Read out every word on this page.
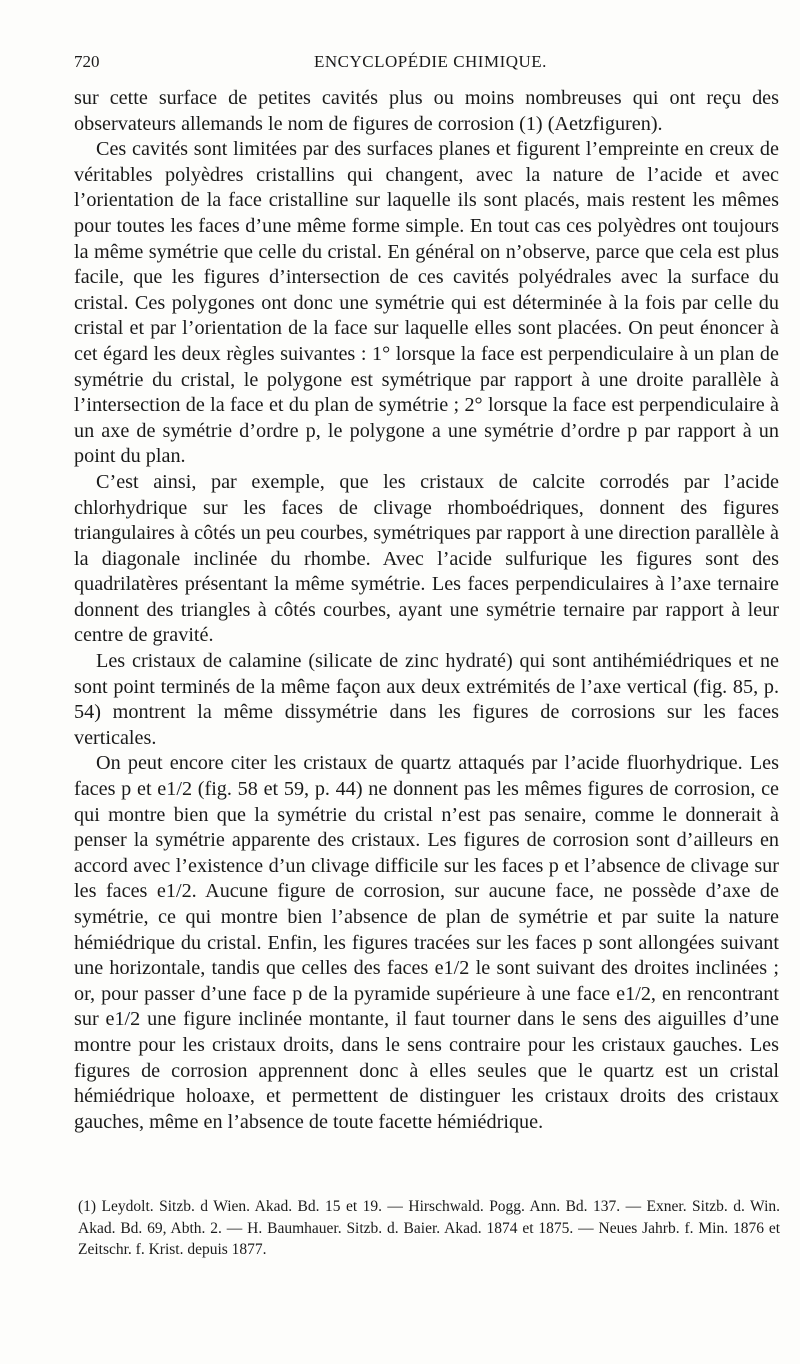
720	ENCYCLOPÉDIE CHIMIQUE.

sur cette surface de petites cavités plus ou moins nombreuses qui ont reçu des observateurs allemands le nom de figures de corrosion (1) (Aetzfiguren).

Ces cavités sont limitées par des surfaces planes et figurent l’empreinte en creux de véritables polyèdres cristallins qui changent, avec la nature de l’acide et avec l’orientation de la face cristalline sur laquelle ils sont placés, mais restent les mêmes pour toutes les faces d’une même forme simple. En tout cas ces polyèdres ont toujours la même symétrie que celle du cristal. En général on n’observe, parce que cela est plus facile, que les figures d’intersection de ces cavités polyédrales avec la surface du cristal. Ces polygones ont donc une symétrie qui est déterminée à la fois par celle du cristal et par l’orientation de la face sur laquelle elles sont placées. On peut énoncer à cet égard les deux règles suivantes : 1° lorsque la face est perpendiculaire à un plan de symétrie du cristal, le polygone est symétrique par rapport à une droite parallèle à l’intersection de la face et du plan de symétrie ; 2° lorsque la face est perpendiculaire à un axe de symétrie d’ordre p, le polygone a une symétrie d’ordre p par rapport à un point du plan.

C’est ainsi, par exemple, que les cristaux de calcite corrodés par l’acide chlorhydrique sur les faces de clivage rhomboédriques, donnent des figures triangulaires à côtés un peu courbes, symétriques par rapport à une direction parallèle à la diagonale inclinée du rhombe. Avec l’acide sulfurique les figures sont des quadrilatères présentant la même symétrie. Les faces perpendiculaires à l’axe ternaire donnent des triangles à côtés courbes, ayant une symétrie ternaire par rapport à leur centre de gravité.

Les cristaux de calamine (silicate de zinc hydraté) qui sont antihémiédriques et ne sont point terminés de la même façon aux deux extrémités de l’axe vertical (fig. 85, p. 54) montrent la même dissymétrie dans les figures de corrosions sur les faces verticales.

On peut encore citer les cristaux de quartz attaqués par l’acide fluorhydrique. Les faces p et e1/2 (fig. 58 et 59, p. 44) ne donnent pas les mêmes figures de corrosion, ce qui montre bien que la symétrie du cristal n’est pas senaire, comme le donnerait à penser la symétrie apparente des cristaux. Les figures de corrosion sont d’ailleurs en accord avec l’existence d’un clivage difficile sur les faces p et l’absence de clivage sur les faces e1/2. Aucune figure de corrosion, sur aucune face, ne possède d’axe de symétrie, ce qui montre bien l’absence de plan de symétrie et par suite la nature hémiédrique du cristal. Enfin, les figures tracées sur les faces p sont allongées suivant une horizontale, tandis que celles des faces e1/2 le sont suivant des droites inclinées ; or, pour passer d’une face p de la pyramide supérieure à une face e1/2, en rencontrant sur e1/2 une figure inclinée montante, il faut tourner dans le sens des aiguilles d’une montre pour les cristaux droits, dans le sens contraire pour les cristaux gauches. Les figures de corrosion apprennent donc à elles seules que le quartz est un cristal hémiédrique holoaxe, et permettent de distinguer les cristaux droits des cristaux gauches, même en l’absence de toute facette hémiédrique.

(1) Leydolt. Sitzb. d Wien. Akad. Bd. 15 et 19. — Hirschwald. Pogg. Ann. Bd. 137. — Exner. Sitzb. d. Win. Akad. Bd. 69, Abth. 2. — H. Baumhauer. Sitzb. d. Baier. Akad. 1874 et 1875. — Neues Jahrb. f. Min. 1876 et Zeitschr. f. Krist. depuis 1877.
